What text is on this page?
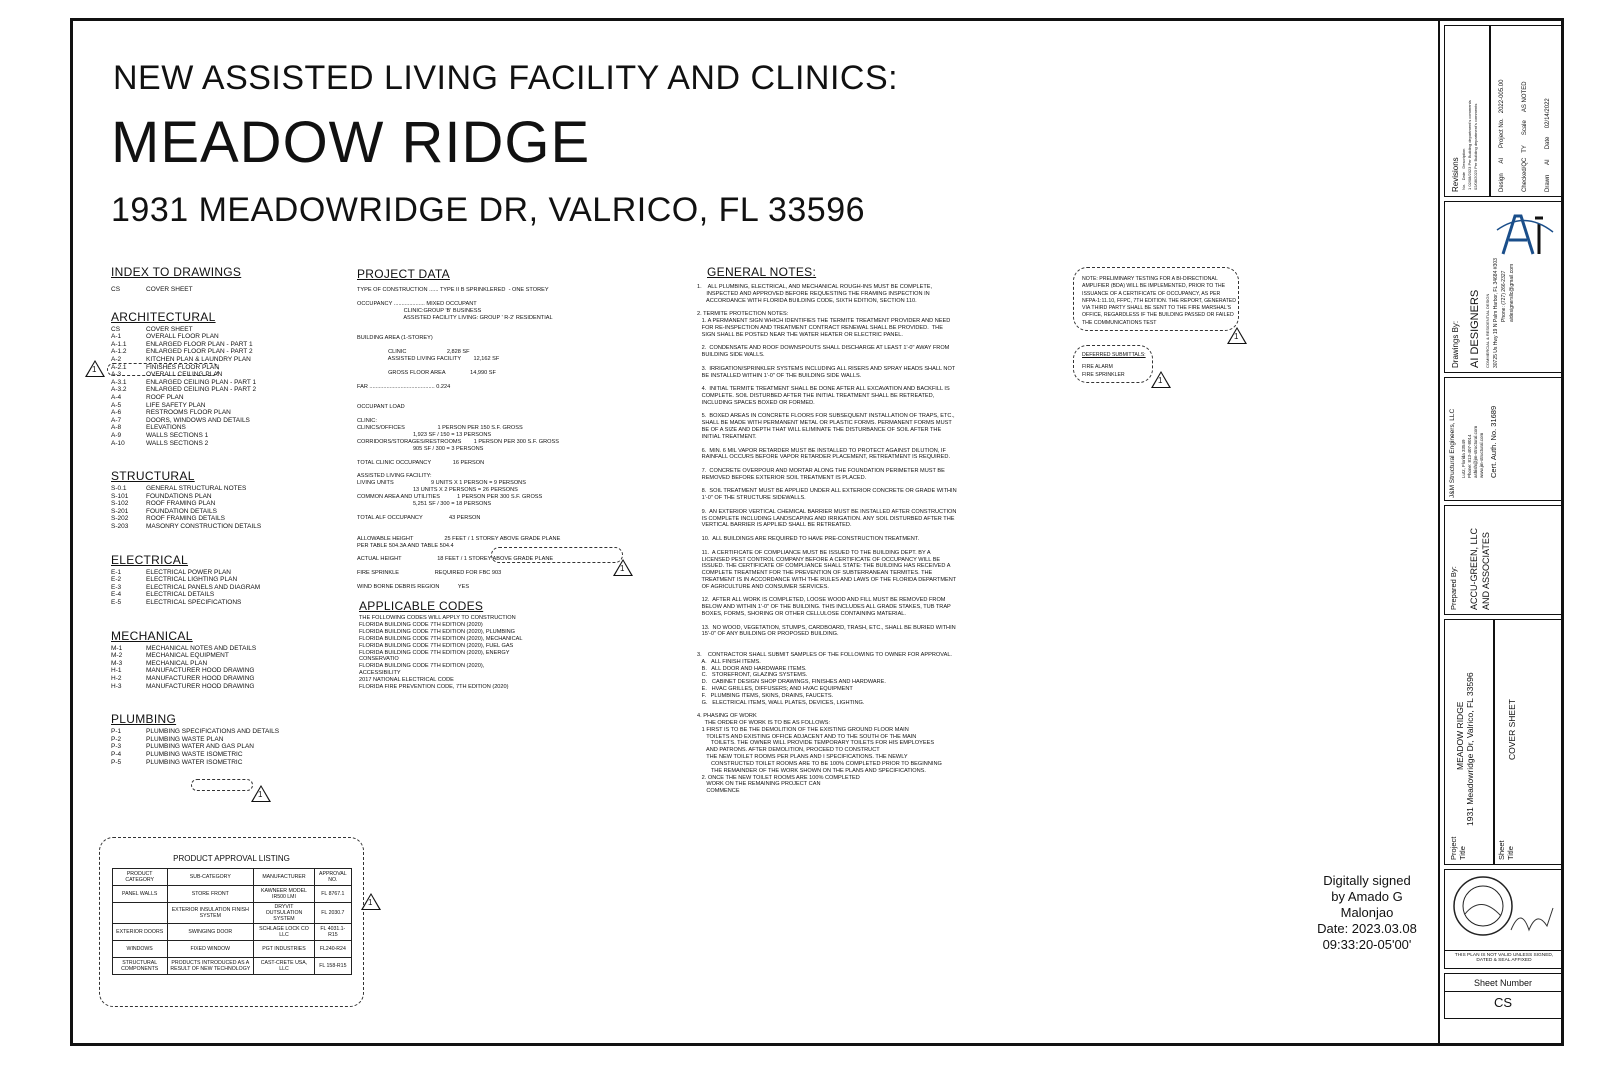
NEW ASSISTED LIVING FACILITY AND CLINICS:
MEADOW RIDGE
1931 MEADOWRIDGE DR, VALRICO, FL 33596
INDEX TO DRAWINGS
CS	COVER SHEET
ARCHITECTURAL
CS	COVER SHEET
A-1	OVERALL FLOOR PLAN
A-1.1	ENLARGED FLOOR PLAN - PART 1
A-1.2	ENLARGED FLOOR PLAN - PART 2
A-2	KITCHEN PLAN & LAUNDRY PLAN
A-2.1	FINISHES FLOOR PLAN
A-3	OVERALL CEILING PLAN
A-3.1	ENLARGED CEILING PLAN - PART 1
A-3.2	ENLARGED CEILING PLAN - PART 2
A-4	ROOF PLAN
A-5	LIFE SAFETY PLAN
A-6	RESTROOMS FLOOR PLAN
A-7	DOORS, WINDOWS AND DETAILS
A-8	ELEVATIONS
A-9	WALLS SECTIONS 1
A-10	WALLS SECTIONS 2
STRUCTURAL
S-0.1	GENERAL STRUCTURAL NOTES
S-101	FOUNDATIONS PLAN
S-102	ROOF FRAMING PLAN
S-201	FOUNDATION DETAILS
S-202	ROOF FRAMING DETAILS
S-203	MASONRY CONSTRUCTION DETAILS
ELECTRICAL
E-1	ELECTRICAL POWER PLAN
E-2	ELECTRICAL LIGHTING PLAN
E-3	ELECTRICAL PANELS AND DIAGRAM
E-4	ELECTRICAL DETAILS
E-5	ELECTRICAL SPECIFICATIONS
MECHANICAL
M-1	MECHANICAL NOTES AND DETAILS
M-2	MECHANICAL EQUIPMENT
M-3	MECHANICAL PLAN
H-1	MANUFACTURER HOOD DRAWING
H-2	MANUFACTURER HOOD DRAWING
H-3	MANUFACTURER HOOD DRAWING
PLUMBING
P-1	PLUMBING SPECIFICATIONS AND DETAILS
P-2	PLUMBING WASTE PLAN
P-3	PLUMBING WATER AND GAS PLAN
P-4	PLUMBING WASTE ISOMETRIC
P-5	PLUMBING WATER ISOMETRIC
1
1
PRODUCT APPROVAL LISTING
PRODUCT CATEGORY	SUB-CATEGORY	MANUFACTURER	APPROVAL NO.
PANEL WALLS	STORE FRONT	KAWNEER MODEL IR500 LMI	FL 8767.1
	EXTERIOR INSULATION FINISH SYSTEM	DRYVIT OUTSULATION SYSTEM	FL 2030.7
EXTERIOR DOORS	SWINGING DOOR	SCHLAGE LOCK CO LLC	FL 4031.1-R15
WINDOWS	FIXED WINDOW	PGT INDUSTRIES	FL240-R24
STRUCTURAL COMPONENTS	PRODUCTS INTRODUCED AS A RESULT OF NEW TECHNOLOGY	CAST-CRETE USA, LLC	FL 158-R15
1
PROJECT DATA
TYPE OF CONSTRUCTION ...... TYPE II B SPRINKLERED  - ONE STOREY

OCCUPANCY .................... MIXED OCCUPANT
CLINIC:GROUP 'B' BUSINESS
ASSISTED FACILITY LIVING: GROUP ' R-2' RESIDENTIAL

BUILDING AREA (1-STOREY)

CLINIC                          2,828 SF
ASSISTED LIVING FACILITY        12,162 SF

GROSS FLOOR AREA                14,990 SF

FAR .......................................... 0.224

OCCUPANT LOAD

CLINIC:
CLINICS/OFFICES                     1 PERSON PER 150 S.F. GROSS
1,923 SF / 150 = 13 PERSONS
CORRIDORS/STORAGES/RESTROOMS        1 PERSON PER 300 S.F. GROSS
905 SF / 300 = 3 PERSONS

TOTAL CLINIC OCCUPANCY              16 PERSON

ASSISTED LIVING FACILITY:
LIVING UNITS                        9 UNITS X 1 PERSON = 9 PERSONS
13 UNITS X 2 PERSONS = 26 PERSONS
COMMON AREA AND UTILITIES           1 PERSON PER 300 S.F. GROSS
5,251 SF / 300 = 18 PERSONS

TOTAL ALF OCCUPANCY                 43 PERSON

ALLOWABLE HEIGHT                    25 FEET / 1 STOREY ABOVE GRADE PLANE
PER TABLE 504.3A AND TABLE 504.4

ACTUAL HEIGHT                       18 FEET / 1 STOREY ABOVE GRADE PLANE

FIRE SPRINKLE                       REQUIRED FOR FBC 903

WIND BORNE DEBRIS REGION            YES
1
APPLICABLE CODES
THE FOLLOWING CODES WILL APPLY TO CONSTRUCTION
FLORIDA BUILDING CODE 7TH EDITION (2020)
FLORIDA BUILDING CODE 7TH EDITION (2020), PLUMBING
FLORIDA BUILDING CODE 7TH EDITION (2020), MECHANICAL
FLORIDA BUILDING CODE 7TH EDITION (2020), FUEL GAS
FLORIDA BUILDING CODE 7TH EDITION (2020), ENERGY
CONSERVATIO
FLORIDA BUILDING CODE 7TH EDITION (2020),
ACCESSIBILITY
2017 NATIONAL ELECTRICAL CODE
FLORIDA FIRE PREVENTION CODE, 7TH EDITION (2020)
GENERAL NOTES:
1.    ALL PLUMBING, ELECTRICAL, AND MECHANICAL ROUGH-INS MUST BE COMPLETE,
INSPECTED AND APPROVED BEFORE REQUESTING THE FRAMING INSPECTION IN
ACCORDANCE WITH FLORIDA BUILDING CODE, SIXTH EDITION, SECTION 110.

2. TERMITE PROTECTION NOTES:
1. A PERMANENT SIGN WHICH IDENTIFIES THE TERMITE TREATMENT PROVIDER AND NEED
FOR RE-INSPECTION AND TREATMENT CONTRACT RENEWAL SHALL BE PROVIDED.  THE
SIGN SHALL BE POSTED NEAR THE WATER HEATER OR ELECTRIC PANEL.

2.  CONDENSATE AND ROOF DOWNSPOUTS SHALL DISCHARGE AT LEAST 1'-0" AWAY FROM
BUILDING SIDE WALLS.

3.  IRRIGATION/SPRINKLER SYSTEMS INCLUDING ALL RISERS AND SPRAY HEADS SHALL NOT
BE INSTALLED WITHIN 1'-0" OF THE BUILDING SIDE WALLS.

4.  INITIAL TERMITE TREATMENT SHALL BE DONE AFTER ALL EXCAVATION AND BACKFILL IS
COMPLETE. SOIL DISTURBED AFTER THE INITIAL TREATMENT SHALL BE RETREATED,
INCLUDING SPACES BOXED OR FORMED.

5.  BOXED AREAS IN CONCRETE FLOORS FOR SUBSEQUENT INSTALLATION OF TRAPS, ETC.,
SHALL BE MADE WITH PERMANENT METAL OR PLASTIC FORMS. PERMANENT FORMS MUST
BE OF A SIZE AND DEPTH THAT WILL ELIMINATE THE DISTURBANCE OF SOIL AFTER THE
INITIAL TREATMENT.

6.  MIN. 6 MIL VAPOR RETARDER MUST BE INSTALLED TO PROTECT AGAINST DILUTION, IF
RAINFALL OCCURS BEFORE VAPOR RETARDER PLACEMENT, RETREATMENT IS REQUIRED.

7.  CONCRETE OVERPOUR AND MORTAR ALONG THE FOUNDATION PERIMETER MUST BE
REMOVED BEFORE EXTERIOR SOIL TREATMENT IS PLACED.

8.  SOIL TREATMENT MUST BE APPLIED UNDER ALL EXTERIOR CONCRETE OR GRADE WITHIN
1'-0" OF THE STRUCTURE SIDEWALLS.

9.  AN EXTERIOR VERTICAL CHEMICAL BARRIER MUST BE INSTALLED AFTER CONSTRUCTION
IS COMPLETE INCLUDING LANDSCAPING AND IRRIGATION. ANY SOIL DISTURBED AFTER THE
VERTICAL BARRIER IS APPLIED SHALL BE RETREATED.

10.  ALL BUILDINGS ARE REQUIRED TO HAVE PRE-CONSTRUCTION TREATMENT.

11.  A CERTIFICATE OF COMPLIANCE MUST BE ISSUED TO THE BUILDING DEPT. BY A
LICENSED PEST CONTROL COMPANY BEFORE A CERTIFICATE OF OCCUPANCY WILL BE
ISSUED. THE CERTIFICATE OF COMPLIANCE SHALL STATE: THE BUILDING HAS RECEIVED A
COMPLETE TREATMENT FOR THE PREVENTION OF SUBTERRANEAN TERMITES. THE
TREATMENT IS IN ACCORDANCE WITH THE RULES AND LAWS OF THE FLORIDA DEPARTMENT
OF AGRICULTURE AND CONSUMER SERVICES.

12.  AFTER ALL WORK IS COMPLETED, LOOSE WOOD AND FILL MUST BE REMOVED FROM
BELOW AND WITHIN 1'-0" OF THE BUILDING. THIS INCLUDES ALL GRADE STAKES, TUB TRAP
BOXES, FORMS, SHORING OR OTHER CELLULOSE CONTAINING MATERIAL.

13.  NO WOOD, VEGETATION, STUMPS, CARDBOARD, TRASH, ETC., SHALL BE BURIED WITHIN
15'-0" OF ANY BUILDING OR PROPOSED BUILDING.

3.    CONTRACTOR SHALL SUBMIT SAMPLES OF THE FOLLOWING TO OWNER FOR APPROVAL.
A.   ALL FINISH ITEMS.
B.   ALL DOOR AND HARDWARE ITEMS.
C.   STOREFRONT, GLAZING SYSTEMS.
D.   CABINET DESIGN SHOP DRAWINGS, FINISHES AND HARDWARE.
E.   HVAC GRILLES, DIFFUSERS; AND HVAC EQUIPMENT
F.   PLUMBING ITEMS, SKINS, DRAINS, FAUCETS.
G.   ELECTRICAL ITEMS, WALL PLATES, DEVICES, LIGHTING.

4. PHASING OF WORK
THE ORDER OF WORK IS TO BE AS FOLLOWS:
1 FIRST IS TO BE THE DEMOLITION OF THE EXISTING GROUND FLOOR MAIN
TOILETS AND EXISTING OFFICE ADJACENT AND TO THE SOUTH OF THE MAIN
TOILETS. THE OWNER WILL PROVIDE TEMPORARY TOILETS FOR HIS EMPLOYEES
AND PATRONS. AFTER DEMOLITION, PROCEED TO CONSTRUCT
THE NEW TOILET ROOMS PER PLANS AND I SPECIFICATIONS. THE NEWLY
CONSTRUCTED TOILET ROOMS ARE TO BE 100% COMPLETED PRIOR TO BEGINNING
THE REMAINDER OF THE WORK SHOWN ON THE PLANS AND SPECIFICATIONS.
2. ONCE THE NEW TOILET ROOMS ARE 100% COMPLETED
WORK ON THE REMAINING PROJECT CAN
COMMENCE
NOTE: PRELIMINARY TESTING FOR A BI-DIRECTIONAL
AMPLIFIER (BDA) WILL BE IMPLEMENTED, PRIOR TO THE
ISSUANCE OF A CERTIFICATE OF OCCUPANCY, AS PER
NFPA-1:11.10, FFPC, 7TH EDITION. THE REPORT, GENERATED
VIA THIRD PARTY SHALL BE SENT TO THE FIRE MARSHAL'S
OFFICE, REGARDLESS IF THE BUILDING PASSED OR FAILED
THE COMMUNICATIONS TEST
1
DEFERRED SUBMITTALS:
FIRE ALARM
FIRE SPRINKLER
1
Digitally signed
by Amado G
Malonjao
Date: 2023.03.08
09:33:20-05'00'
Revisions No.   Date   Description
1 02/08/2023 Per Building department's comments
02/08/2023 Per Building department's comments
Design      AI      Project No.   2022-005.00
Checked/QC   TY      Scale     AS NOTED
Drawn      AI      Date     02/14/2022
Drawings By: AI DESIGNERS COMMERCIAL & RESIDENTIAL DESIGN 30725 Us Hwy 19 N Palm Harbor, FL 34684 #303 Phone: (727) 266-2327 aidesignersllc@gmail.com
J&M Structural Engineers, LLC Lutz, Florida 33549 Phone: 813-407-8014 ashish@jm-structural.com www.jm-structural.com Cert. Auth. No. 31689
Prepared By: ACCU-GREEN, LLC AND ASSOCIATES
Project Title
MEADOW RIDGE 1931 Meadowridge Dr, Valrico, FL 33596
Sheet Title
COVER SHEET
THIS PLAN IS NOT VALID UNLESS SIGNED, DATED & SEAL AFFIXED
Sheet Number
CS
